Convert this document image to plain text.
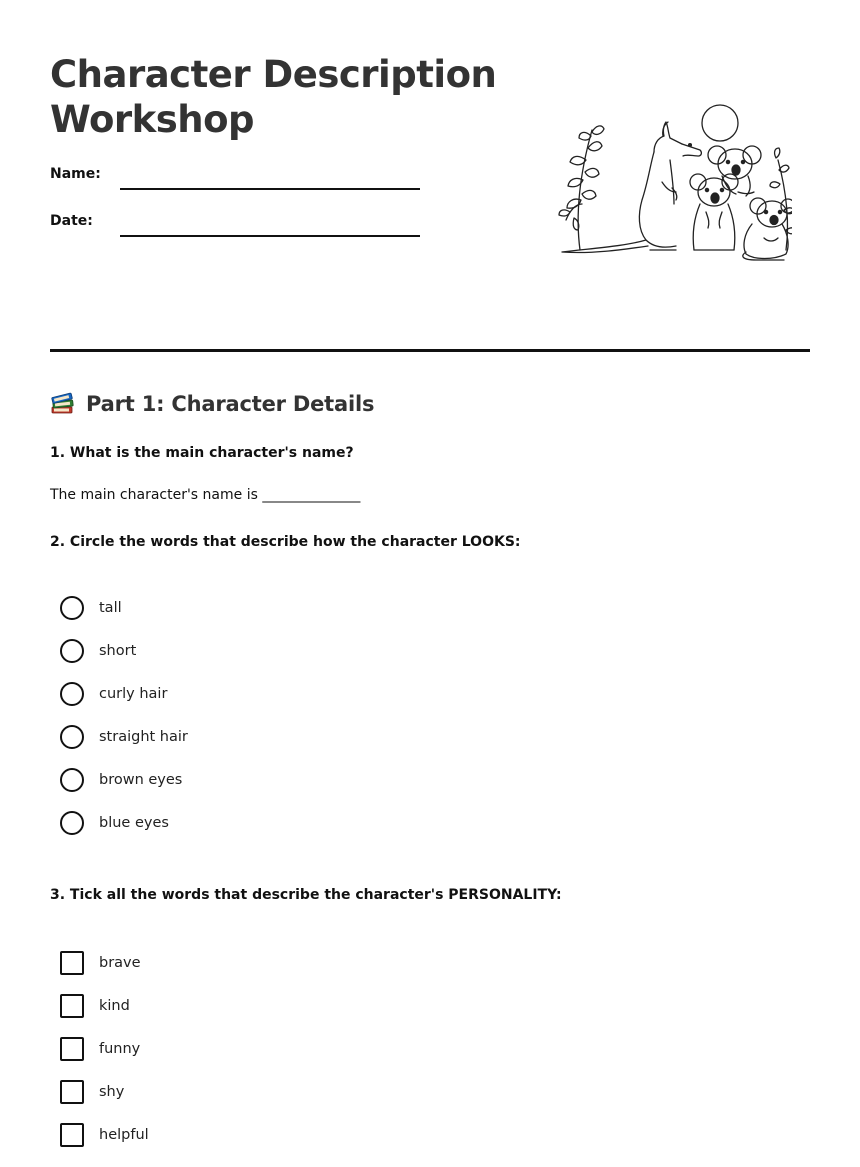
Character Description Workshop
Name:
Date:
Part 1: Character Details
1. What is the main character's name?
The main character's name is ______________
2. Circle the words that describe how the character LOOKS:
tall
short
curly hair
straight hair
brown eyes
blue eyes
3. Tick all the words that describe the character's PERSONALITY:
brave
kind
funny
shy
helpful
